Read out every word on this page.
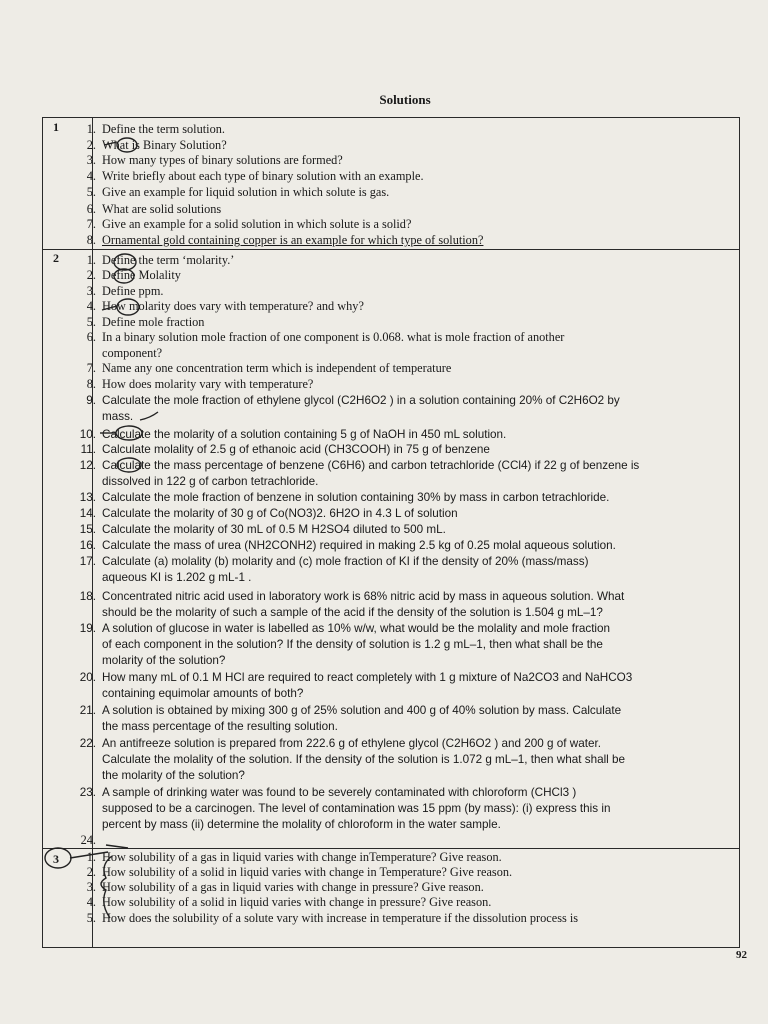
Solutions
1
2
3
1. Define the term solution.
2. What is Binary Solution?
3. How many types of binary solutions are formed?
4. Write briefly about each type of binary solution with an example.
5. Give an example for liquid solution in which solute is gas.
6. What are solid solutions
7. Give an example for a solid solution in which solute is a solid?
8. Ornamental gold containing copper is an example for which type of solution?
1. Define the term ‘molarity.’
2. Define Molality
3. Define ppm.
4. How molarity does vary with temperature? and why?
5. Define mole fraction
6. In a binary solution mole fraction of one component is 0.068. what is mole fraction of another
component?
7. Name any one concentration term which is independent of temperature
8. How does molarity vary with temperature?
9. Calculate the mole fraction of ethylene glycol (C2H6O2 ) in a solution containing 20% of C2H6O2 by
mass.
10. Calculate the molarity of a solution containing 5 g of NaOH in 450 mL solution.
11. Calculate molality of 2.5 g of ethanoic acid (CH3COOH) in 75 g of benzene
12. Calculate the mass percentage of benzene (C6H6) and carbon tetrachloride (CCl4) if 22 g of benzene is
dissolved in 122 g of carbon tetrachloride.
13. Calculate the mole fraction of benzene in solution containing 30% by mass in carbon tetrachloride.
14. Calculate the molarity of 30 g of Co(NO3)2. 6H2O in 4.3 L of solution
15. Calculate the molarity of 30 mL of 0.5 M H2SO4 diluted to 500 mL.
16. Calculate the mass of urea (NH2CONH2) required in making 2.5 kg of 0.25 molal aqueous solution.
17. Calculate (a) molality (b) molarity and (c) mole fraction of KI if the density of 20% (mass/mass)
aqueous KI is 1.202 g mL-1 .
18. Concentrated nitric acid used in laboratory work is 68% nitric acid by mass in aqueous solution. What
should be the molarity of such a sample of the acid if the density of the solution is 1.504 g mL–1?
19. A solution of glucose in water is labelled as 10% w/w, what would be the molality and mole fraction
of each component in the solution? If the density of solution is 1.2 g mL–1, then what shall be the
molarity of the solution?
20. How many mL of 0.1 M HCl are required to react completely with 1 g mixture of Na2CO3 and NaHCO3
containing equimolar amounts of both?
21. A solution is obtained by mixing 300 g of 25% solution and 400 g of 40% solution by mass. Calculate
the mass percentage of the resulting solution.
22. An antifreeze solution is prepared from 222.6 g of ethylene glycol (C2H6O2 ) and 200 g of water.
Calculate the molality of the solution. If the density of the solution is 1.072 g mL–1, then what shall be
the molarity of the solution?
23. A sample of drinking water was found to be severely contaminated with chloroform (CHCl3 )
supposed to be a carcinogen. The level of contamination was 15 ppm (by mass): (i) express this in
percent by mass (ii) determine the molality of chloroform in the water sample.
24.
1. How solubility of a gas in liquid varies with change inTemperature? Give reason.
2. How solubility of a solid in liquid varies with change in Temperature? Give reason.
3. How solubility of a gas in liquid varies with change in pressure? Give reason.
4. How solubility of a solid in liquid varies with change in pressure? Give reason.
5. How does the solubility of a solute vary with increase in temperature if the dissolution process is
92
